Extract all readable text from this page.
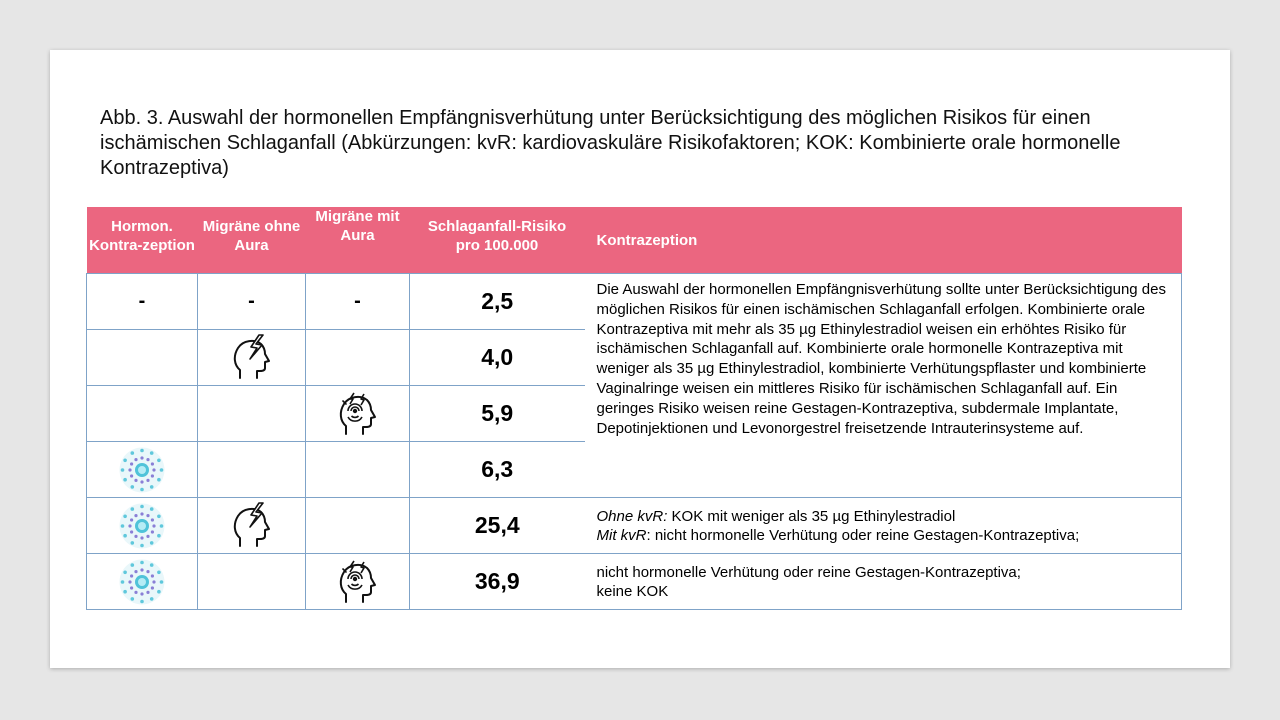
Abb. 3. Auswahl der hormonellen Empfängnisverhütung unter Berücksichtigung des möglichen Risikos für einen ischämischen Schlaganfall (Abkürzungen: kvR: kardiovaskuläre Risikofaktoren; KOK: Kombinierte orale hormonelle Kontrazeptiva)
Hormon. Kontra-zeption	Migräne ohne Aura	Migräne mit Aura	Schlaganfall-Risiko pro 100.000	Kontrazeption
-	-	-	2,5	Die Auswahl der hormonellen Empfängnisverhütung sollte unter Berücksichtigung des möglichen Risikos für einen ischämischen Schlaganfall erfolgen. Kombinierte orale Kontrazeptiva mit mehr als 35 µg Ethinylestradiol weisen ein erhöhtes Risiko für ischämischen Schlaganfall auf. Kombinierte orale hormonelle Kontrazeptiva mit weniger als 35 µg Ethinylestradiol, kombinierte Verhütungspflaster und kombinierte Vaginalringe weisen ein mittleres Risiko für ischämischen Schlaganfall auf. Ein geringes Risiko weisen reine Gestagen-Kontrazeptiva, subdermale Implantate, Depotinjektionen und Levonorgestrel freisetzende Intrauterinsysteme auf.
			4,0	
			5,9	
			6,3	
			25,4	Ohne kvR: KOK mit weniger als 35 µg Ethinylestradiol
Mit kvR: nicht hormonelle Verhütung oder reine Gestagen-Kontrazeptiva;
			36,9	nicht hormonelle Verhütung oder reine Gestagen-Kontrazeptiva;
keine KOK
